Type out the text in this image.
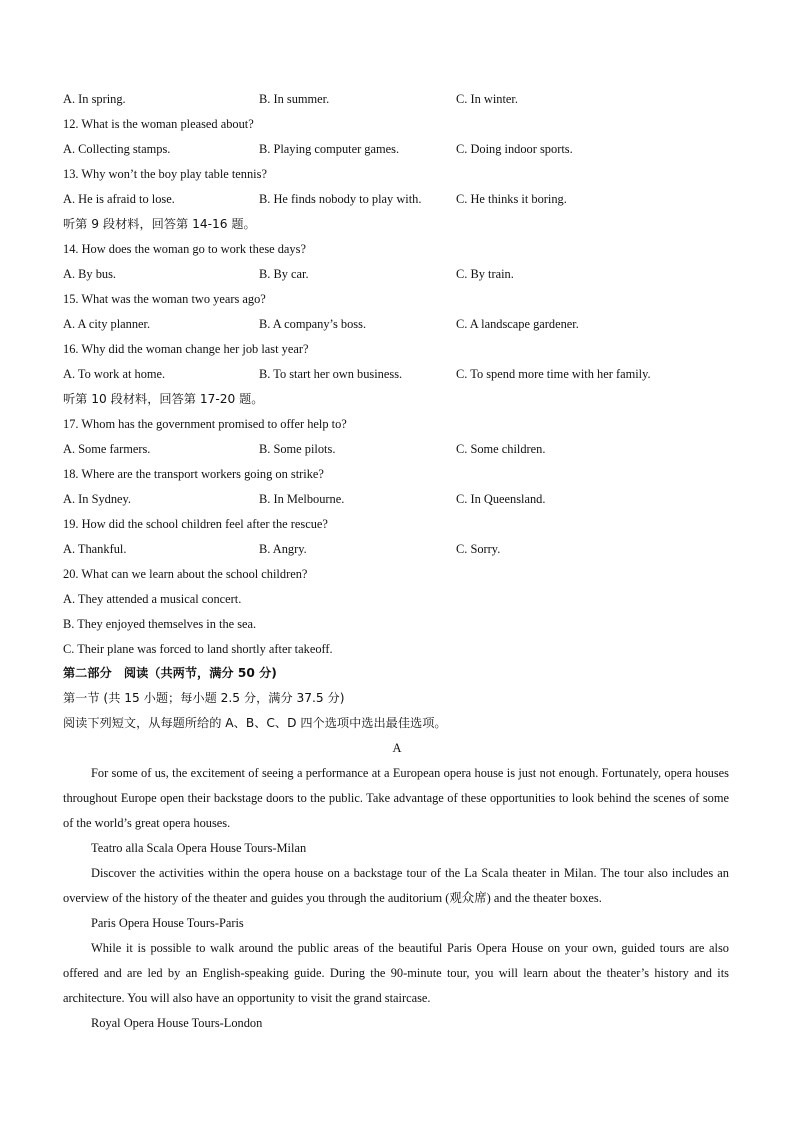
A. In spring.	B. In summer.	C. In winter.
12. What is the woman pleased about?
A. Collecting stamps.	B. Playing computer games.	C. Doing indoor sports.
13. Why won’t the boy play table tennis?
A. He is afraid to lose.	B. He finds nobody to play with.	C. He thinks it boring.
听第 9 段材料，回答第 14-16 题。
14. How does the woman go to work these days?
A. By bus.	B. By car.	C. By train.
15. What was the woman two years ago?
A. A city planner.	B. A company’s boss.	C. A landscape gardener.
16. Why did the woman change her job last year?
A. To work at home.	B. To start her own business.	C. To spend more time with her family.
听第 10 段材料，回答第 17-20 题。
17. Whom has the government promised to offer help to?
A. Some farmers.	B. Some pilots.	C. Some children.
18. Where are the transport workers going on strike?
A. In Sydney.	B. In Melbourne.	C. In Queensland.
19. How did the school children feel after the rescue?
A. Thankful.	B. Angry.	C. Sorry.
20. What can we learn about the school children?
A. They attended a musical concert.
B. They enjoyed themselves in the sea.
C. Their plane was forced to land shortly after takeoff.
第二部分　阅读（共两节，满分 50 分)
第一节 (共 15 小题；每小题 2.5 分，满分 37.5 分)
阅读下列短文，从每题所给的 A、B、C、D 四个选项中选出最佳选项。
A
For some of us, the excitement of seeing a performance at a European opera house is just not enough. Fortunately, opera houses throughout Europe open their backstage doors to the public. Take advantage of these opportunities to look behind the scenes of some of the world’s great opera houses.
Teatro alla Scala Opera House Tours-Milan
Discover the activities within the opera house on a backstage tour of the La Scala theater in Milan. The tour also includes an overview of the history of the theater and guides you through the auditorium (观众席) and the theater boxes.
Paris Opera House Tours-Paris
While it is possible to walk around the public areas of the beautiful Paris Opera House on your own, guided tours are also offered and are led by an English-speaking guide. During the 90-minute tour, you will learn about the theater’s history and its architecture. You will also have an opportunity to visit the grand staircase.
Royal Opera House Tours-London
